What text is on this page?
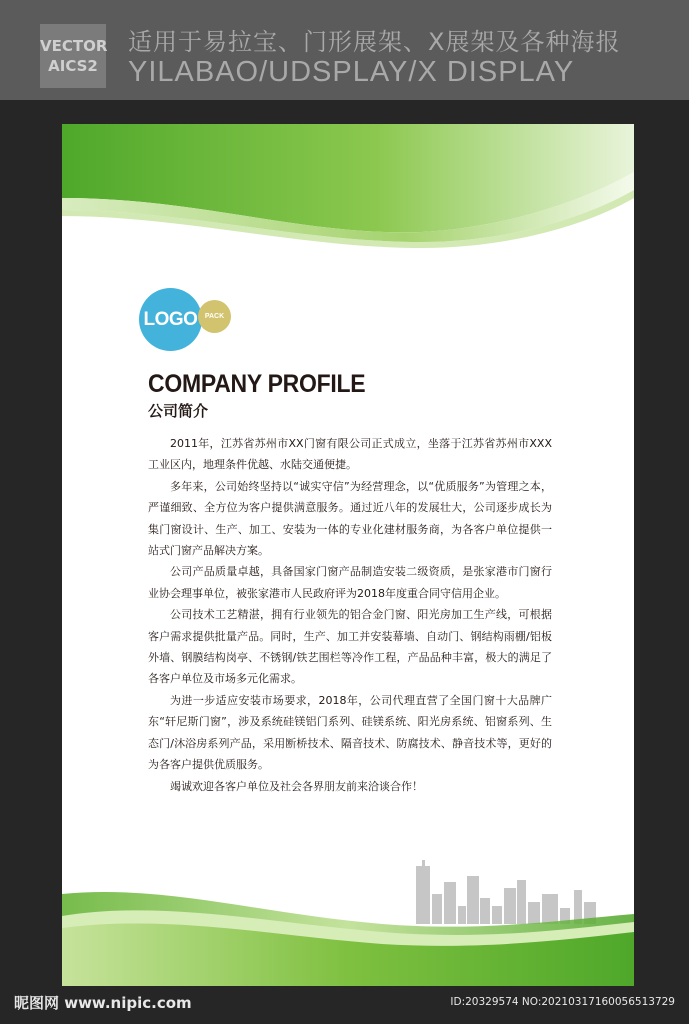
VECTOR
AICS2
适用于易拉宝、门形展架、X展架及各种海报
YILABAO/UDSPLAY/X DISPLAY
LOGO	PACK
COMPANY PROFILE
公司简介

2011年，江苏省苏州市XX门窗有限公司正式成立，坐落于江苏省苏州市XXX工业区内，地理条件优越、水陆交通便捷。

多年来，公司始终坚持以“诚实守信”为经营理念，以“优质服务”为管理之本，严谨细致、全方位为客户提供满意服务。通过近八年的发展壮大，公司逐步成长为集门窗设计、生产、加工、安装为一体的专业化建材服务商，为各客户单位提供一站式门窗产品解决方案。

公司产品质量卓越，具备国家门窗产品制造安装二级资质，是张家港市门窗行业协会理事单位，被张家港市人民政府评为2018年度重合同守信用企业。

公司技术工艺精湛，拥有行业领先的铝合金门窗、阳光房加工生产线，可根据客户需求提供批量产品。同时，生产、加工并安装幕墙、自动门、钢结构雨棚/铝板外墙、钢膜结构岗亭、不锈钢/铁艺围栏等冷作工程，产品品种丰富，极大的满足了各客户单位及市场多元化需求。

为进一步适应安装市场要求，2018年，公司代理直营了全国门窗十大品牌广东“轩尼斯门窗”，涉及系统硅镁铝门系列、硅镁系统、阳光房系统、铝窗系列、生态门/沐浴房系列产品，采用断桥技术、隔音技术、防腐技术、静音技术等，更好的为各客户提供优质服务。

竭诚欢迎各客户单位及社会各界朋友前来洽谈合作！

昵图网 www.nipic.com	ID:20329574 NO:20210317160056513729
